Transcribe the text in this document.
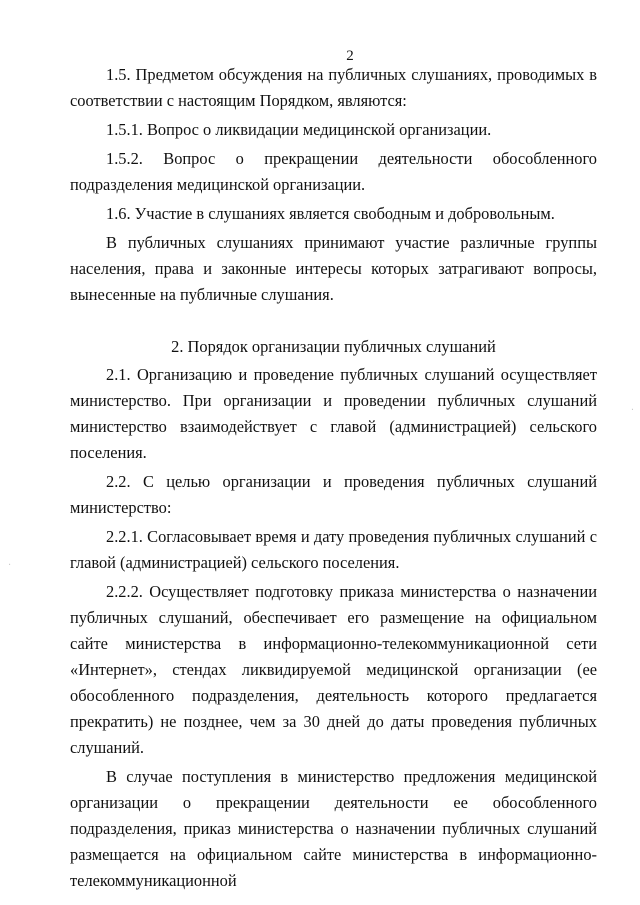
2

1.5. Предметом обсуждения на публичных слушаниях, проводимых в соответствии с настоящим Порядком, являются:

1.5.1. Вопрос о ликвидации медицинской организации.

1.5.2. Вопрос о прекращении деятельности обособленного подразделения медицинской организации.

1.6. Участие в слушаниях является свободным и добровольным.

В публичных слушаниях принимают участие различные группы населения, права и законные интересы которых затрагивают вопросы, вынесенные на публичные слушания.

2. Порядок организации публичных слушаний

2.1. Организацию и проведение публичных слушаний осуществляет министерство. При организации и проведении публичных слушаний министерство взаимодействует с главой (администрацией) сельского поселения.

2.2. С целью организации и проведения публичных слушаний министерство:

2.2.1. Согласовывает время и дату проведения публичных слушаний с главой (администрацией) сельского поселения.

2.2.2. Осуществляет подготовку приказа министерства о назначении публичных слушаний, обеспечивает его размещение на официальном сайте министерства в информационно-телекоммуникационной сети «Интернет», стендах ликвидируемой медицинской организации (ее обособленного подразделения, деятельность которого предлагается прекратить) не позднее, чем за 30 дней до даты проведения публичных слушаний.

В случае поступления в министерство предложения медицинской организации о прекращении деятельности ее обособленного подразделения, приказ министерства о назначении публичных слушаний размещается на официальном сайте министерства в информационно-телекоммуникационной

·
·
